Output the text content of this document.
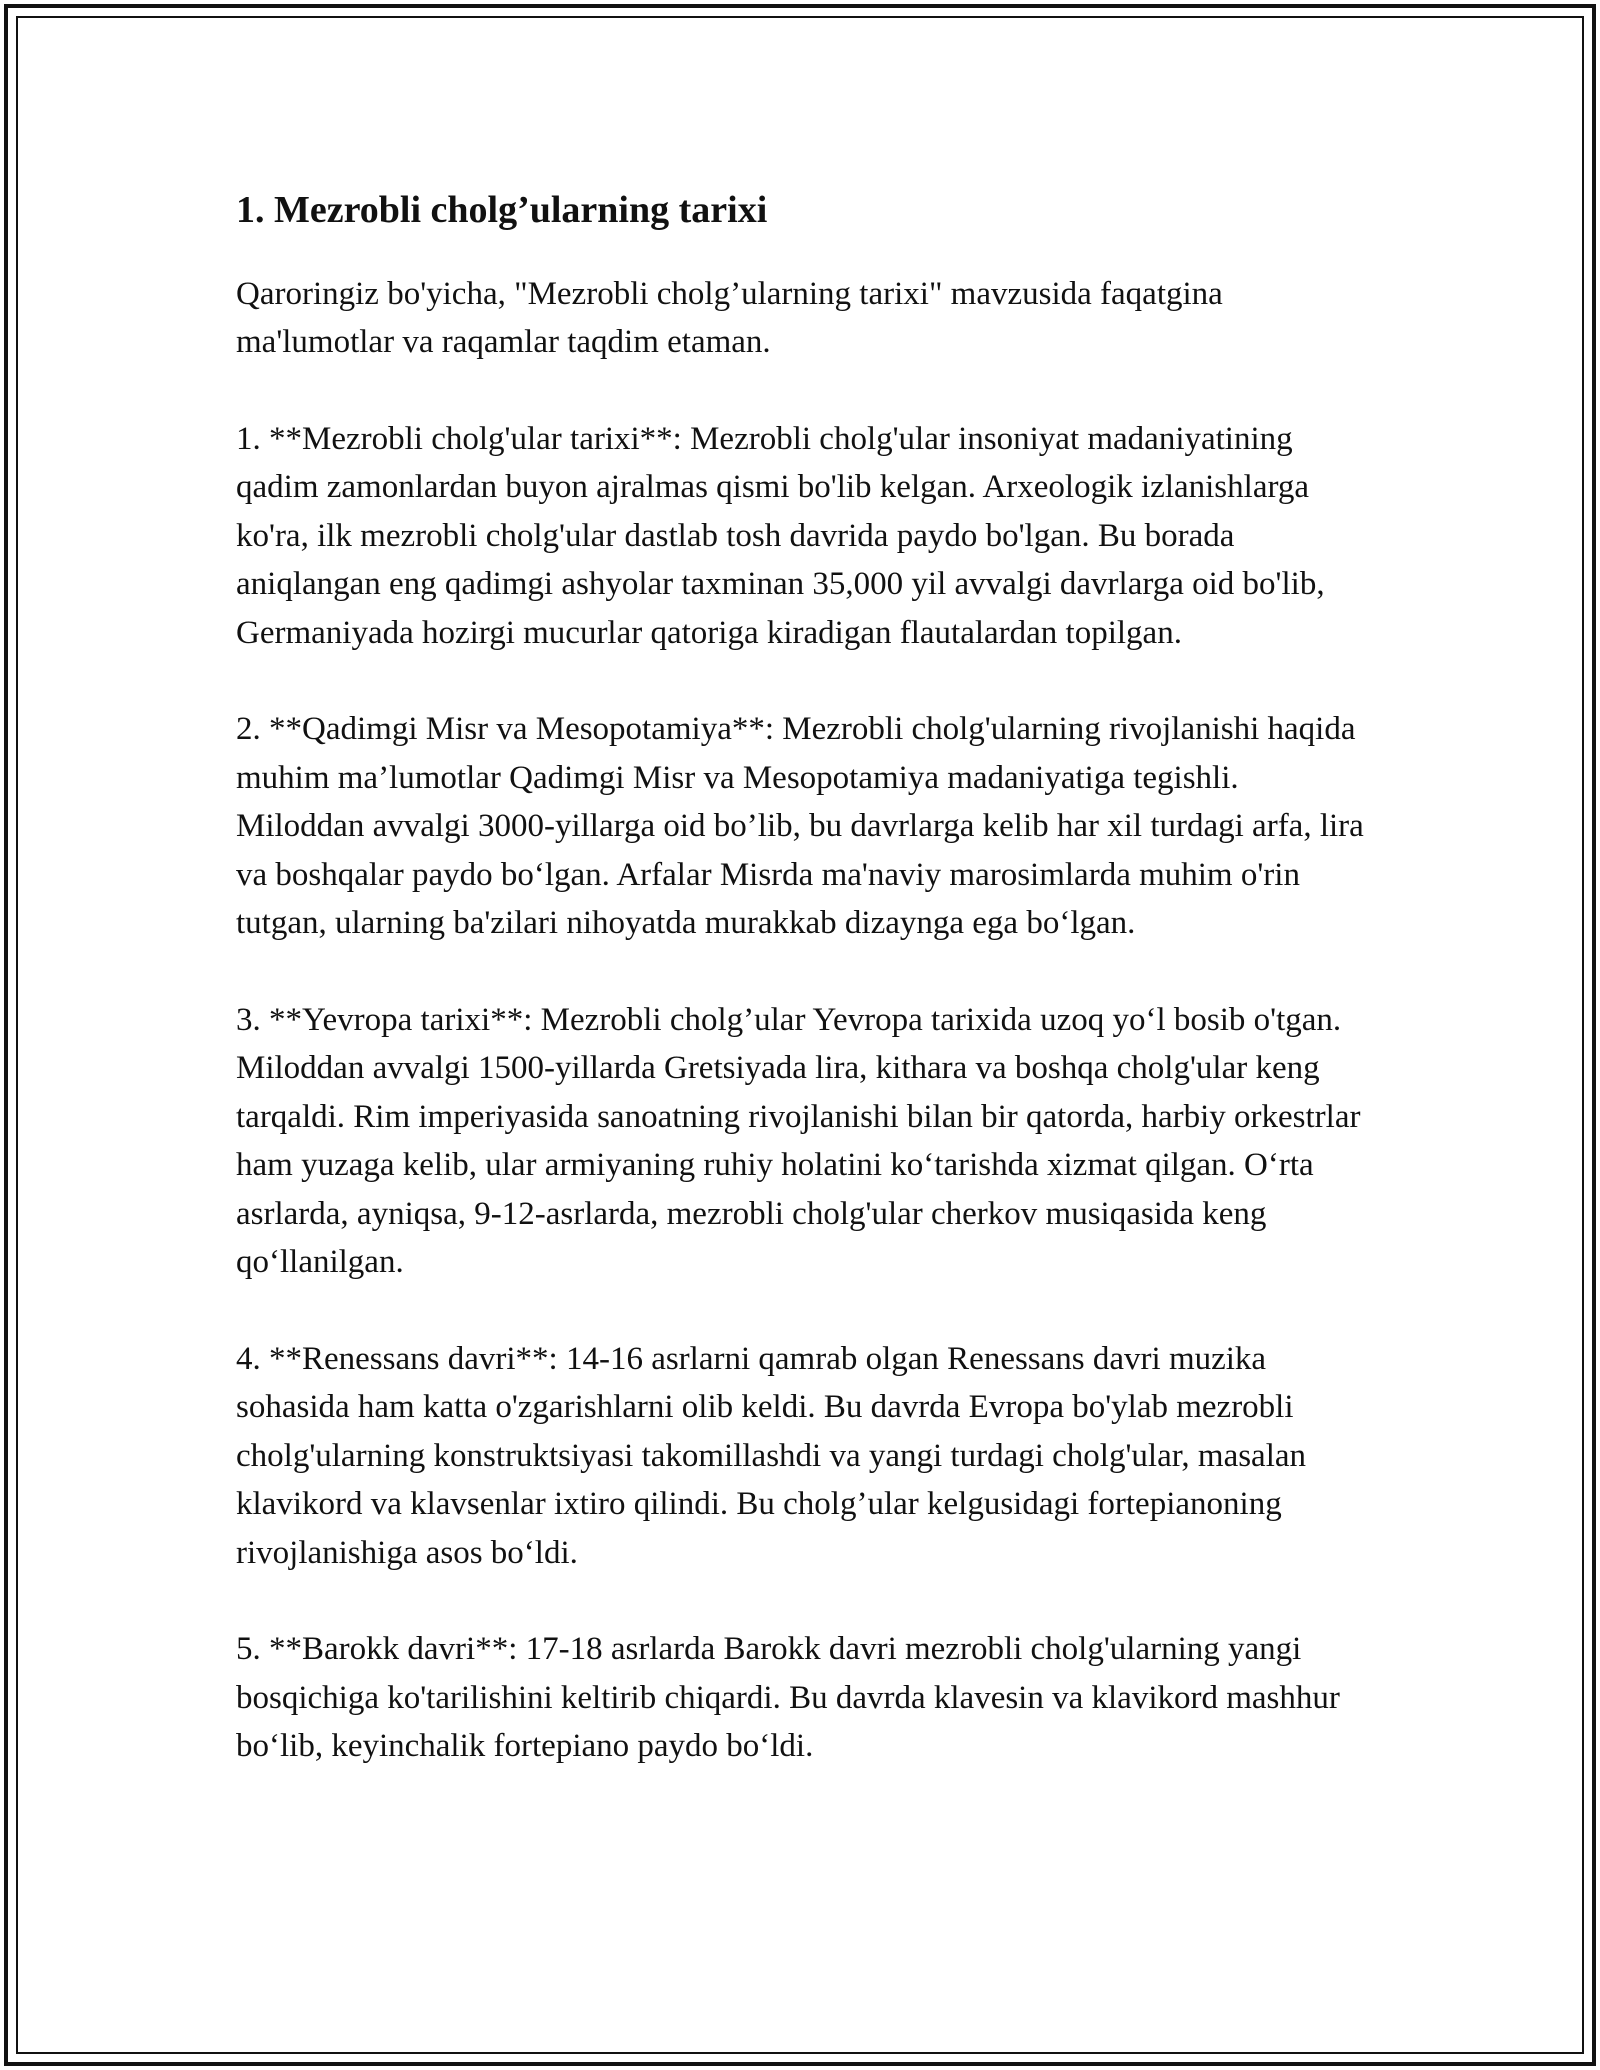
1. Mezrobli cholg’ularning tarixi

Qaroringiz bo'yicha, "Mezrobli cholg’ularning tarixi" mavzusida faqatgina ma'lumotlar va raqamlar taqdim etaman.

1. **Mezrobli cholg'ular tarixi**: Mezrobli cholg'ular insoniyat madaniyatining qadim zamonlardan buyon ajralmas qismi bo'lib kelgan. Arxeologik izlanishlarga ko'ra, ilk mezrobli cholg'ular dastlab tosh davrida paydo bo'lgan. Bu borada aniqlangan eng qadimgi ashyolar taxminan 35,000 yil avvalgi davrlarga oid bo'lib, Germaniyada hozirgi mucurlar qatoriga kiradigan flautalardan topilgan.

2. **Qadimgi Misr va Mesopotamiya**: Mezrobli cholg'ularning rivojlanishi haqida muhim ma’lumotlar Qadimgi Misr va Mesopotamiya madaniyatiga tegishli. Miloddan avvalgi 3000-yillarga oid bo’lib, bu davrlarga kelib har xil turdagi arfa, lira va boshqalar paydo bo‘lgan. Arfalar Misrda ma'naviy marosimlarda muhim o'rin tutgan, ularning ba'zilari nihoyatda murakkab dizaynga ega bo‘lgan.

3. **Yevropa tarixi**: Mezrobli cholg’ular Yevropa tarixida uzoq yo‘l bosib o'tgan. Miloddan avvalgi 1500-yillarda Gretsiyada lira, kithara va boshqa cholg'ular keng tarqaldi. Rim imperiyasida sanoatning rivojlanishi bilan bir qatorda, harbiy orkestrlar ham yuzaga kelib, ular armiyaning ruhiy holatini ko‘tarishda xizmat qilgan. O‘rta asrlarda, ayniqsa, 9-12-asrlarda, mezrobli cholg'ular cherkov musiqasida keng qo‘llanilgan.

4. **Renessans davri**: 14-16 asrlarni qamrab olgan Renessans davri muzika sohasida ham katta o'zgarishlarni olib keldi. Bu davrda Evropa bo'ylab mezrobli cholg'ularning konstruktsiyasi takomillashdi va yangi turdagi cholg'ular, masalan klavikord va klavsenlar ixtiro qilindi. Bu cholg’ular kelgusidagi fortepianoning rivojlanishiga asos bo‘ldi.

5. **Barokk davri**: 17-18 asrlarda Barokk davri mezrobli cholg'ularning yangi bosqichiga ko'tarilishini keltirib chiqardi. Bu davrda klavesin va klavikord mashhur bo‘lib, keyinchalik fortepiano paydo bo‘ldi.
